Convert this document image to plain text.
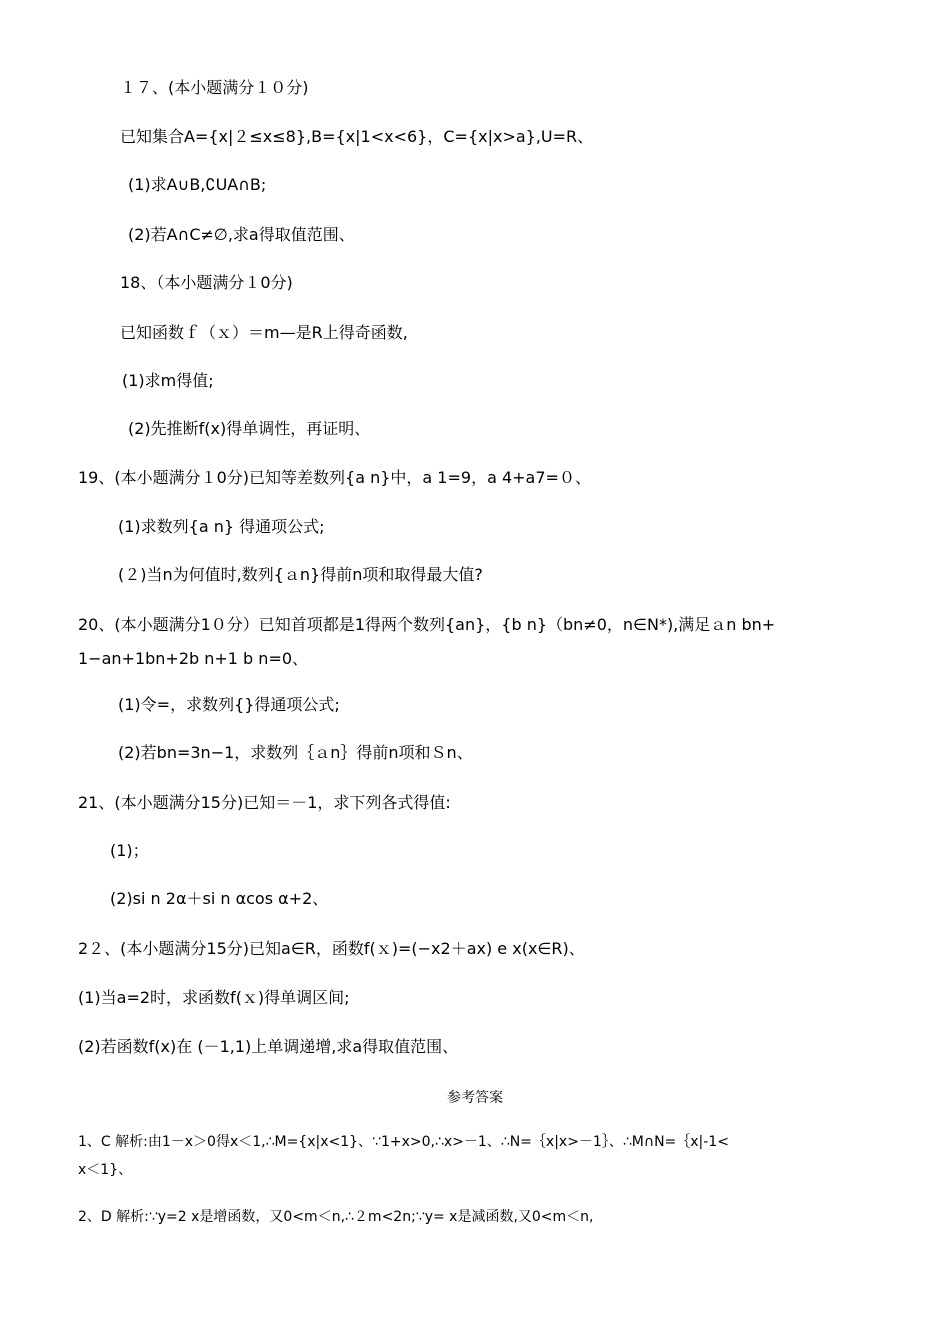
１７、(本小题满分１０分)
已知集合A={x|２≤x≤8},B={x|1<x<6}，C={x|x>a},U=R、
(1)求A∪B,∁UA∩B;
(2)若A∩C≠∅,求a得取值范围、
18、（本小题满分１0分)
已知函数ｆ（ｘ）＝m—是R上得奇函数,
(1)求m得值;
(2)先推断f(x)得单调性，再证明、
19、(本小题满分１0分)已知等差数列{a n}中，a 1=9，a 4+a7=０、
(1)求数列{a n} 得通项公式;
(２)当n为何值时,数列{ａn}得前n项和取得最大值?
20、(本小题满分1０分）已知首项都是1得两个数列{an}，{b n}（bn≠0，n∈N*),满足ａn bn+
1−an+1bn+2b n+1 b n=0、
(1)令=，求数列{}得通项公式;
(2)若bn=3n−1，求数列｛ａn｝得前n项和Ｓn、
21、(本小题满分15分)已知＝－1，求下列各式得值:
(1)；
(2)si n 2α＋si n αcos α+2、
2２、(本小题满分15分)已知a∈R，函数f(ｘ)=(−x2＋ax) e x(x∈R)、
(1)当a=2时，求函数f(ｘ)得单调区间;
(2)若函数f(x)在 (－1,1)上单调递增,求a得取值范围、
参考答案
1、C 解析:由1－x＞0得x＜1,∴M={x|x<1}、∵1+x>0,∴x>－1、∴N=｛x|x>－1｝、∴M∩N=｛x|-1<
x＜1}、
2、D 解析:∵y=2 x是增函数，又0<m＜n,∴２m<2n;∵y= x是减函数,又0<m＜n,
